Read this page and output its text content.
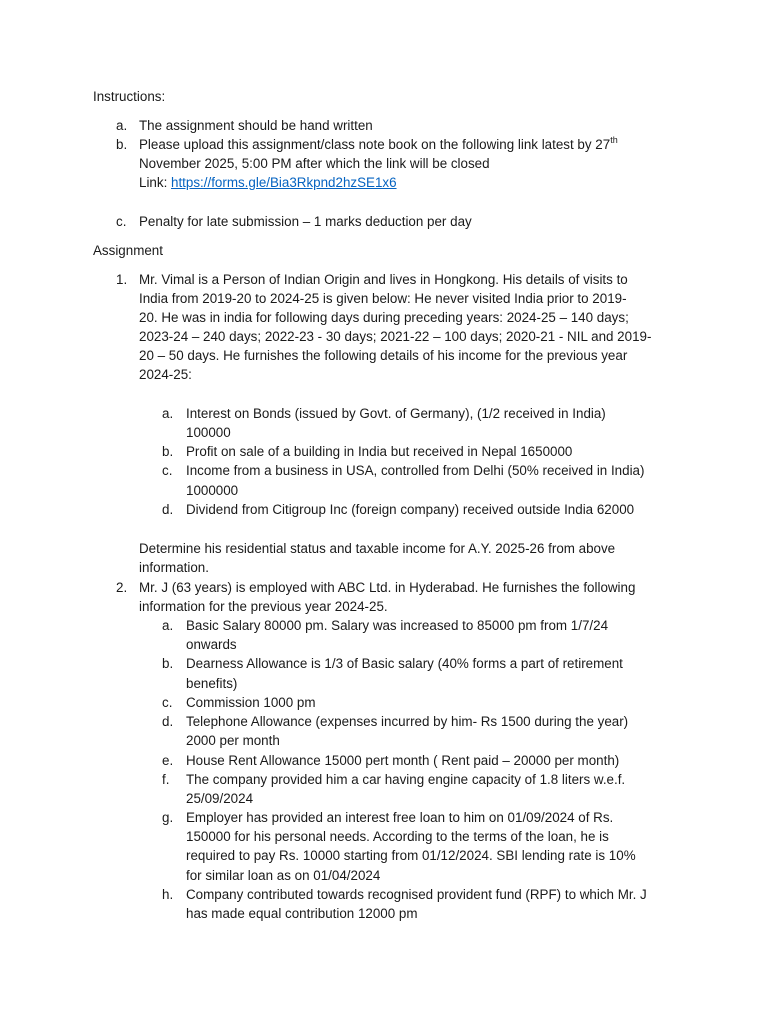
Instructions:
a. The assignment should be hand written
b. Please upload this assignment/class note book on the following link latest by 27th
November 2025, 5:00 PM after which the link will be closed
Link: https://forms.gle/Bia3Rkpnd2hzSE1x6
c. Penalty for late submission – 1 marks deduction per day
Assignment
1. Mr. Vimal is a Person of Indian Origin and lives in Hongkong. His details of visits to
India from 2019-20 to 2024-25 is given below: He never visited India prior to 2019-
20. He was in india for following days during preceding years: 2024-25 – 140 days;
2023-24 – 240 days; 2022-23 - 30 days; 2021-22 – 100 days; 2020-21 - NIL and 2019-
20 – 50 days. He furnishes the following details of his income for the previous year
2024-25:
a. Interest on Bonds (issued by Govt. of Germany), (1/2 received in India)
100000
b. Profit on sale of a building in India but received in Nepal 1650000
c. Income from a business in USA, controlled from Delhi (50% received in India)
1000000
d. Dividend from Citigroup Inc (foreign company) received outside India 62000
Determine his residential status and taxable income for A.Y. 2025-26 from above
information.
2. Mr. J (63 years) is employed with ABC Ltd. in Hyderabad. He furnishes the following
information for the previous year 2024-25.
a. Basic Salary 80000 pm. Salary was increased to 85000 pm from 1/7/24
onwards
b. Dearness Allowance is 1/3 of Basic salary (40% forms a part of retirement
benefits)
c. Commission 1000 pm
d. Telephone Allowance (expenses incurred by him- Rs 1500 during the year)
2000 per month
e. House Rent Allowance 15000 pert month ( Rent paid – 20000 per month)
f. The company provided him a car having engine capacity of 1.8 liters w.e.f.
25/09/2024
g. Employer has provided an interest free loan to him on 01/09/2024 of Rs.
150000 for his personal needs. According to the terms of the loan, he is
required to pay Rs. 10000 starting from 01/12/2024. SBI lending rate is 10%
for similar loan as on 01/04/2024
h. Company contributed towards recognised provident fund (RPF) to which Mr. J
has made equal contribution 12000 pm
